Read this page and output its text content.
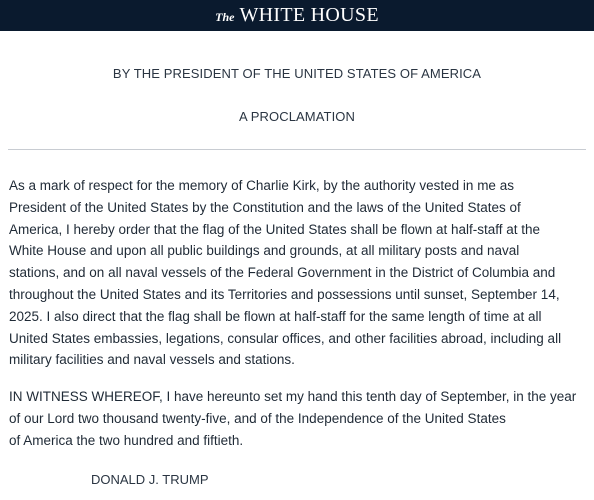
The WHITE HOUSE
BY THE PRESIDENT OF THE UNITED STATES OF AMERICA
A PROCLAMATION
As a mark of respect for the memory of Charlie Kirk, by the authority vested in me as
President of the United States by the Constitution and the laws of the United States of
America, I hereby order that the flag of the United States shall be flown at half-staff at the
White House and upon all public buildings and grounds, at all military posts and naval
stations, and on all naval vessels of the Federal Government in the District of Columbia and
throughout the United States and its Territories and possessions until sunset, September 14,
2025. I also direct that the flag shall be flown at half-staff for the same length of time at all
United States embassies, legations, consular offices, and other facilities abroad, including all
military facilities and naval vessels and stations.
IN WITNESS WHEREOF, I have hereunto set my hand this tenth day of September, in the year
of our Lord two thousand twenty-five, and of the Independence of the United States
of America the two hundred and fiftieth.
DONALD J. TRUMP
